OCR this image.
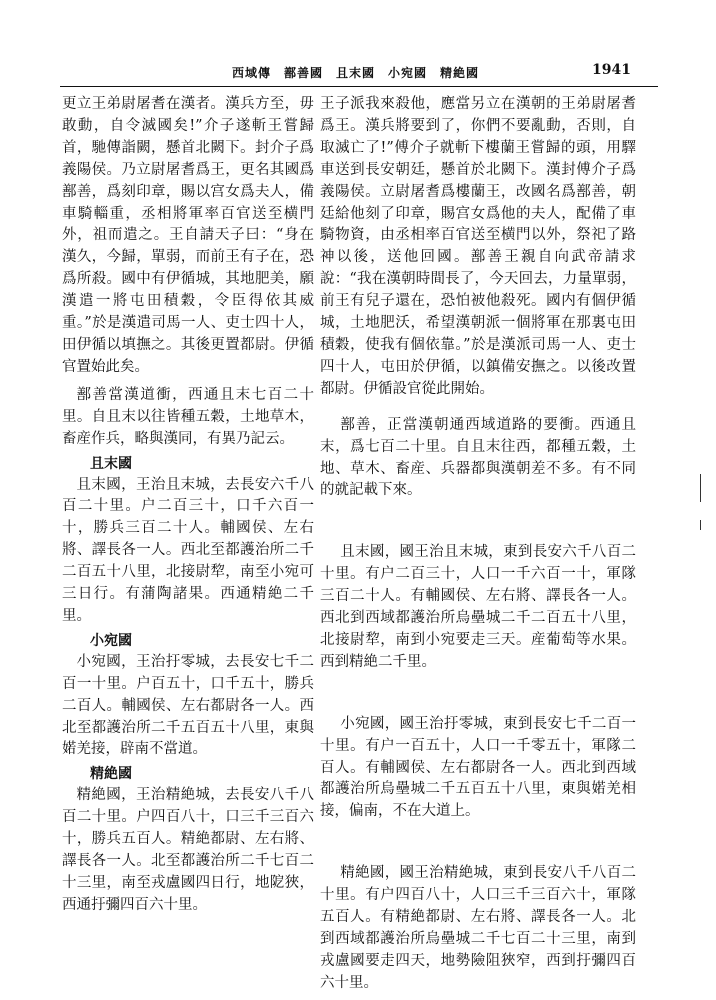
西域傳　鄯善國　且末國　小宛國　精絶國	1941

更立王弟尉屠耆在漢者。漢兵方至，毋敢動，自令滅國矣!”介子遂斬王嘗歸首，馳傳詣闕，懸首北闕下。封介子爲義陽侯。乃立尉屠耆爲王，更名其國爲鄯善，爲刻印章，賜以宫女爲夫人，備車騎輜重，丞相將軍率百官送至横門外，祖而遣之。王自請天子曰：“身在漢久，今歸，單弱，而前王有子在，恐爲所殺。國中有伊循城，其地肥美，願漢遣一將屯田積穀，令臣得依其威重。”於是漢遣司馬一人、吏士四十人，田伊循以填撫之。其後更置都尉。伊循官置始此矣。

鄯善當漢道衝，西通且末七百二十里。自且末以往皆種五穀，土地草木，畜産作兵，略與漢同，有異乃記云。

且末國

且末國，王治且末城，去長安六千八百二十里。户二百三十，口千六百一十，勝兵三百二十人。輔國侯、左右將、譯長各一人。西北至都護治所二千二百五十八里，北接尉犂，南至小宛可三日行。有蒲陶諸果。西通精絶二千里。

小宛國

小宛國，王治扜零城，去長安七千二百一十里。户百五十，口千五十，勝兵二百人。輔國侯、左右都尉各一人。西北至都護治所二千五百五十八里，東與婼羌接，辟南不當道。

精絶國

精絶國，王治精絶城，去長安八千八百二十里。户四百八十，口三千三百六十，勝兵五百人。精絶都尉、左右將、譯長各一人。北至都護治所二千七百二十三里，南至戎盧國四日行，地阸狹，西通扜彌四百六十里。

王子派我來殺他，應當另立在漢朝的王弟尉屠耆爲王。漢兵將要到了，你們不要亂動，否則，自取滅亡了!”傅介子就斬下樓蘭王嘗歸的頭，用驛車送到長安朝廷，懸首於北闕下。漢封傅介子爲義陽侯。立尉屠耆爲樓蘭王，改國名爲鄯善，朝廷給他刻了印章，賜宫女爲他的夫人，配備了車騎物資，由丞相率百官送至横門以外，祭祀了路神以後，送他回國。鄯善王親自向武帝請求說：“我在漢朝時間長了，今天回去，力量單弱，前王有兒子還在，恐怕被他殺死。國内有個伊循城，土地肥沃，希望漢朝派一個將軍在那裏屯田積穀，使我有個依靠。”於是漢派司馬一人、吏士四十人，屯田於伊循，以鎮備安撫之。以後改置都尉。伊循設官從此開始。

鄯善，正當漢朝通西域道路的要衝。西通且末，爲七百二十里。自且末往西，都種五穀，土地、草木、畜産、兵器都與漢朝差不多。有不同的就記載下來。

且末國，國王治且末城，東到長安六千八百二十里。有户二百三十，人口一千六百一十，軍隊三百二十人。有輔國侯、左右將、譯長各一人。西北到西域都護治所烏壘城二千二百五十八里，北接尉犂，南到小宛要走三天。産葡萄等水果。西到精絶二千里。

小宛國，國王治扜零城，東到長安七千二百一十里。有户一百五十，人口一千零五十，軍隊二百人。有輔國侯、左右都尉各一人。西北到西域都護治所烏壘城二千五百五十八里，東與婼羌相接，偏南，不在大道上。

精絶國，國王治精絶城，東到長安八千八百二十里。有户四百八十，人口三千三百六十，軍隊五百人。有精絶都尉、左右將、譯長各一人。北到西域都護治所烏壘城二千七百二十三里，南到戎盧國要走四天，地勢險阻狹窄，西到扜彌四百六十里。
